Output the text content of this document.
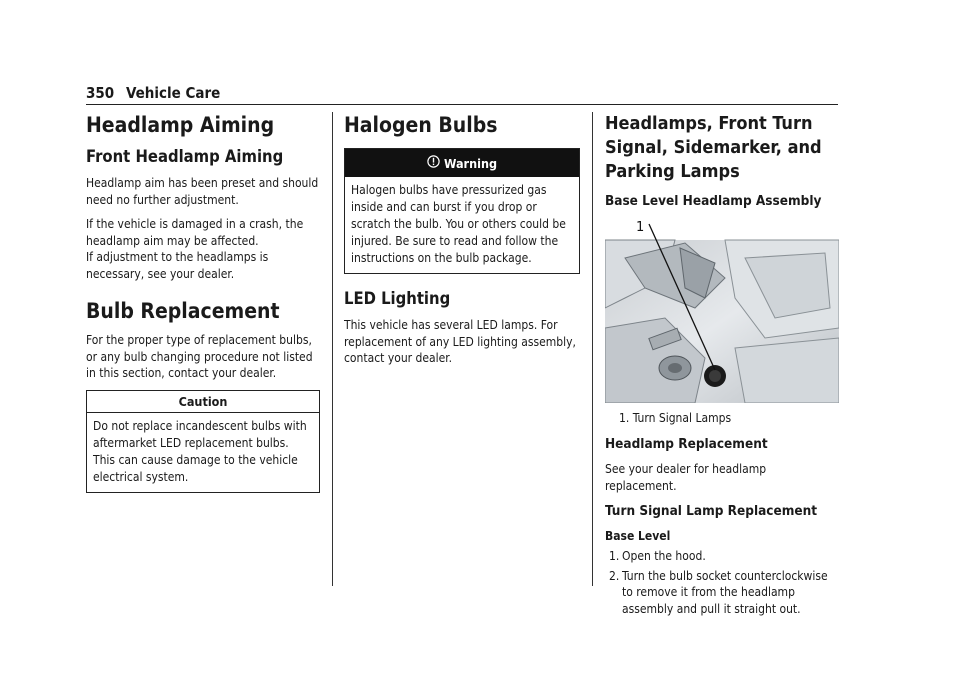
350 Vehicle Care
Headlamp Aiming
Front Headlamp Aiming

Headlamp aim has been preset and should need no further adjustment.

If the vehicle is damaged in a crash, the headlamp aim may be affected.
If adjustment to the headlamps is necessary, see your dealer.

Bulb Replacement

For the proper type of replacement bulbs, or any bulb changing procedure not listed in this section, contact your dealer.

Caution
Do not replace incandescent bulbs with aftermarket LED replacement bulbs. This can cause damage to the vehicle electrical system.
Halogen Bulbs
Warning
Halogen bulbs have pressurized gas inside and can burst if you drop or scratch the bulb. You or others could be injured. Be sure to read and follow the instructions on the bulb package.
LED Lighting

This vehicle has several LED lamps. For replacement of any LED lighting assembly, contact your dealer.

Headlamps, Front Turn Signal, Sidemarker, and Parking Lamps
Base Level Headlamp Assembly
1
1. Turn Signal Lamps
Headlamp Replacement

See your dealer for headlamp replacement.

Turn Signal Lamp Replacement
Base Level
1. Open the hood.
2. Turn the bulb socket counterclockwise to remove it from the headlamp assembly and pull it straight out.
